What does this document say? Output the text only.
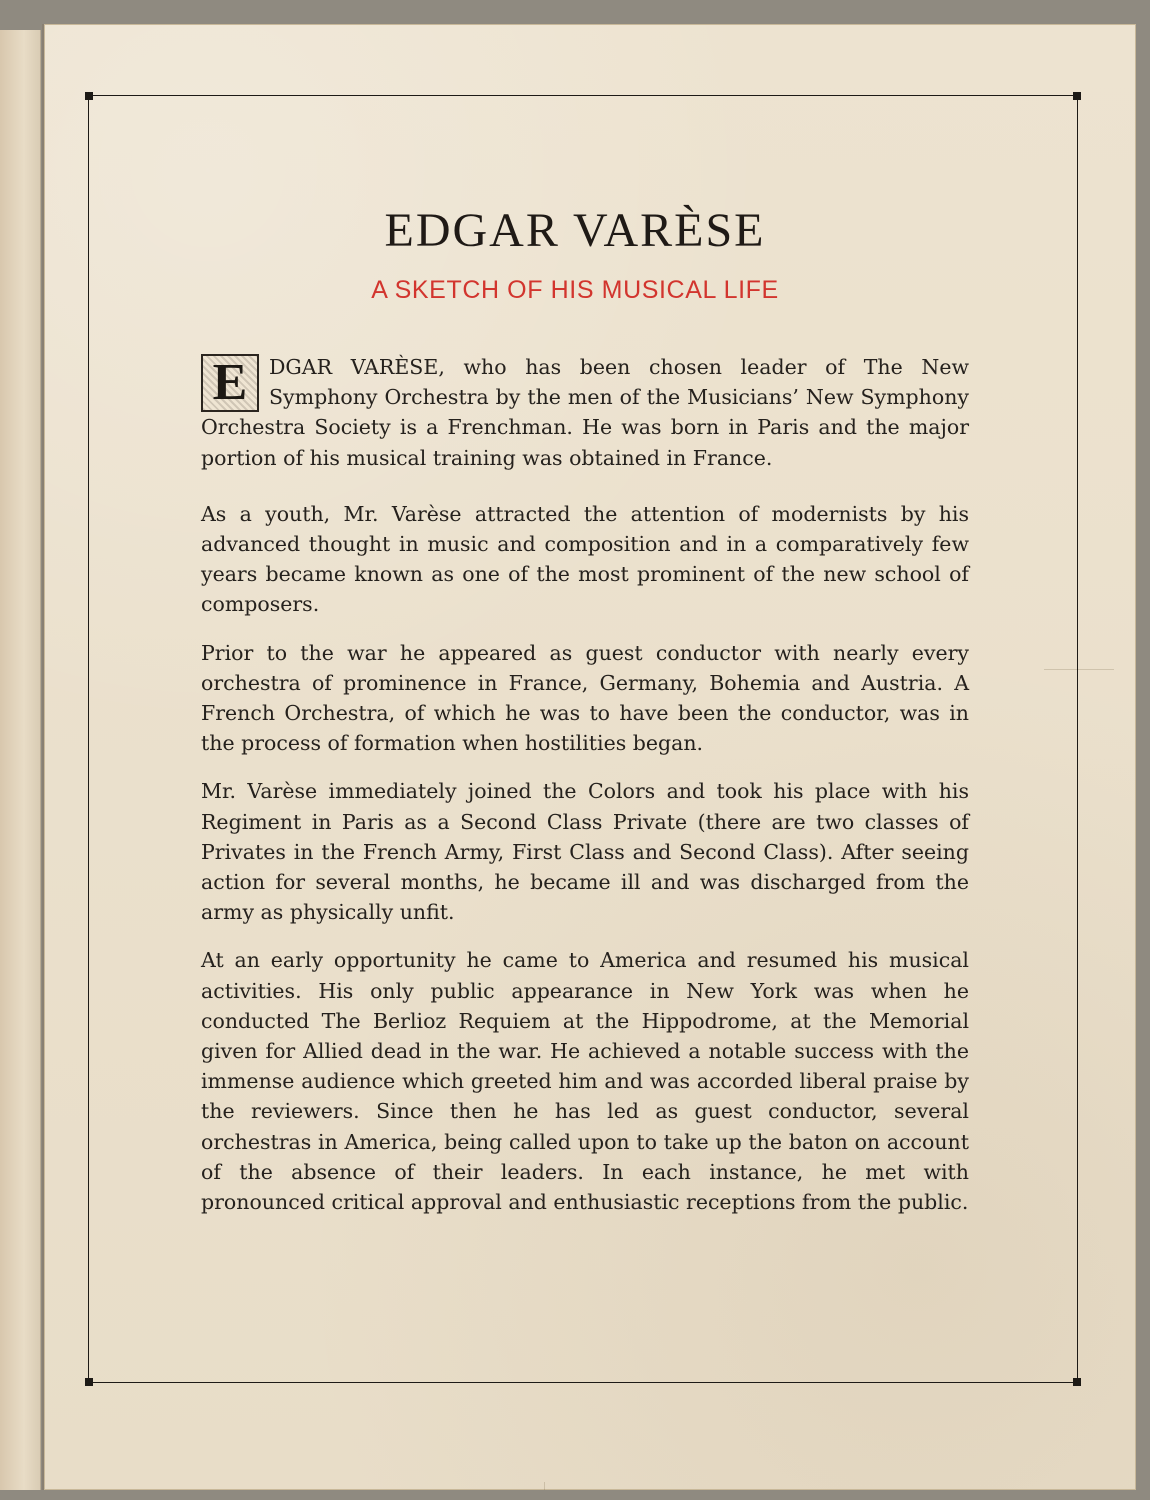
EDGAR VARÈSE
A SKETCH OF HIS MUSICAL LIFE

E	DGAR VARÈSE, who has been chosen leader of The New Symphony Orchestra by the men of the Musicians’ New Symphony Orchestra Society is a Frenchman. He was born in Paris and the major portion of his musical training was obtained in France.

As a youth, Mr. Varèse attracted the attention of modernists by his advanced thought in music and composition and in a comparatively few years became known as one of the most prominent of the new school of composers.

Prior to the war he appeared as guest conductor with nearly every orchestra of prominence in France, Germany, Bohemia and Austria. A French Orchestra, of which he was to have been the conductor, was in the process of formation when hostilities began.

Mr. Varèse immediately joined the Colors and took his place with his Regiment in Paris as a Second Class Private (there are two classes of Privates in the French Army, First Class and Second Class). After seeing action for several months, he became ill and was discharged from the army as physically unfit.

At an early opportunity he came to America and resumed his musical activities. His only public appearance in New York was when he conducted The Berlioz Requiem at the Hippodrome, at the Memorial given for Allied dead in the war. He achieved a notable success with the immense audience which greeted him and was accorded liberal praise by the reviewers. Since then he has led as guest conductor, several orchestras in America, being called upon to take up the baton on account of the absence of their leaders. In each instance, he met with pronounced critical approval and enthusiastic receptions from the public.
